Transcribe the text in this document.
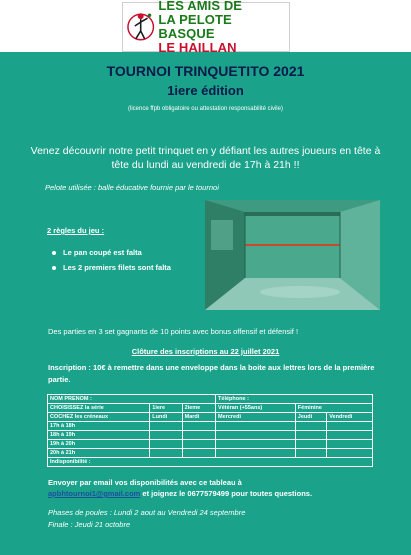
LES AMIS DE
LA PELOTE BASQUE
LE HAILLAN
TOURNOI TRINQUETITO 2021
1iere édition
(licence ffpb obligatoire ou attestation responsabilité civile)
Venez découvrir notre petit trinquet en y défiant les autres joueurs en tête à tête du lundi au vendredi de 17h à 21h !!
Pelote utilisée : balle éducative fournie par le tournoi
2 règles du jeu :
Le pan coupé est falta
Les 2 premiers filets sont falta
Des parties en 3 set gagnants de 10 points avec bonus offensif et défensif !
Clôture des inscriptions au 22 juillet 2021
Inscription : 10€ à remettre dans une enveloppe dans la boite aux lettres lors de la première partie.
NOM PRENOM :			Téléphone :		
CHOISISSEZ la série	1iere	2ieme	Vétéran (+55ans)	Féminine	
COCHEZ les créneaux	Lundi	Mardi	Mercredi	Jeudi	Vendredi
17h à 18h					
18h à 19h					
19h à 20h					
20h à 21h					
Indisponibilité :					
Envoyer par email vos disponibilités avec ce tableau à
apbhtournoi1@gmail.com et joignez le 0677579499 pour toutes questions.
Phases de poules : Lundi 2 aout au Vendredi 24 septembre
Finale : Jeudi 21 octobre
